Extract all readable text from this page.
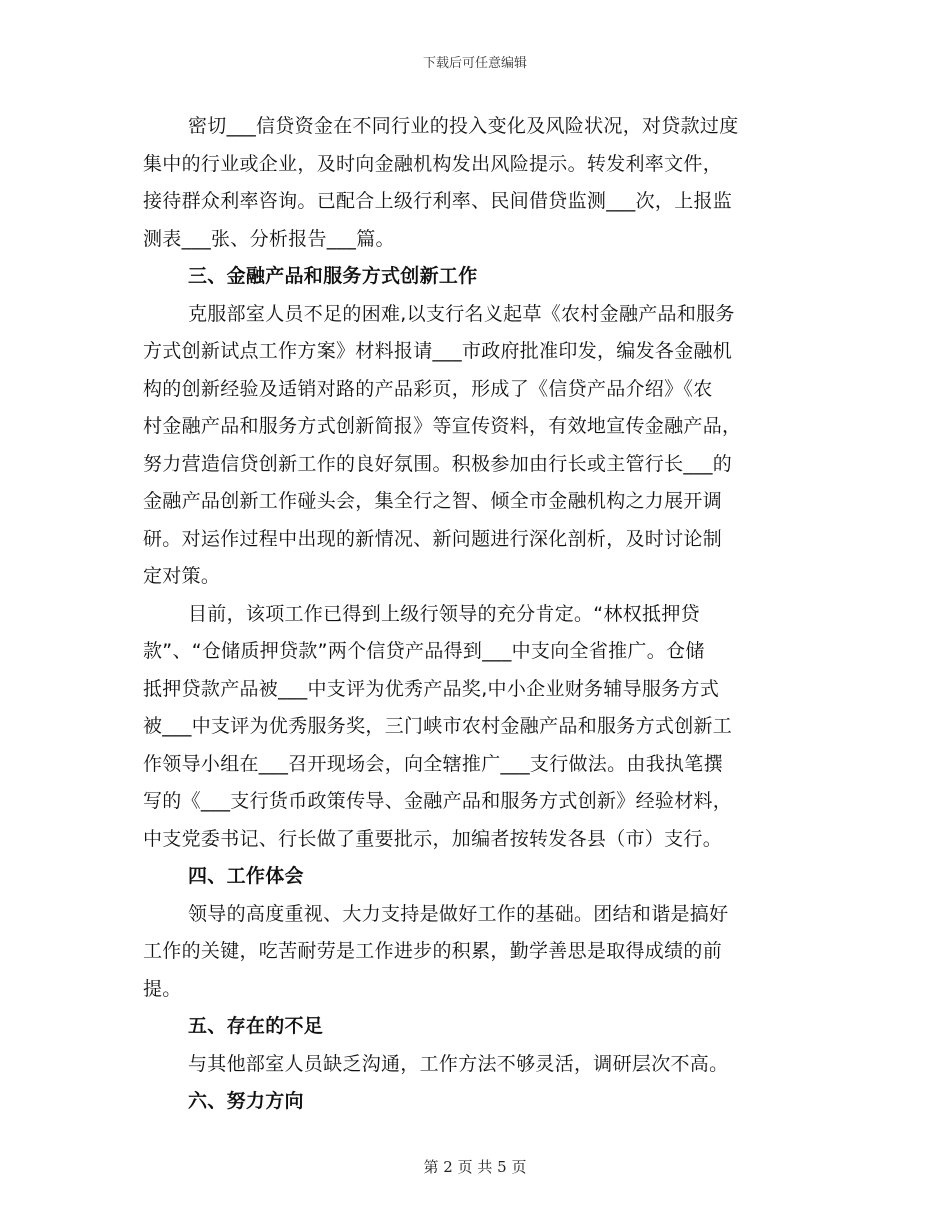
下载后可任意编辑
密切___信贷资金在不同行业的投入变化及风险状况，对贷款过度
集中的行业或企业，及时向金融机构发出风险提示。转发利率文件，
接待群众利率咨询。已配合上级行利率、民间借贷监测___次，上报监
测表___张、分析报告___篇。
三、金融产品和服务方式创新工作
克服部室人员不足的困难,以支行名义起草《农村金融产品和服务
方式创新试点工作方案》材料报请___市政府批准印发，编发各金融机
构的创新经验及适销对路的产品彩页，形成了《信贷产品介绍》《农
村金融产品和服务方式创新简报》等宣传资料，有效地宣传金融产品，
努力营造信贷创新工作的良好氛围。积极参加由行长或主管行长___的
金融产品创新工作碰头会，集全行之智、倾全市金融机构之力展开调
研。对运作过程中出现的新情况、新问题进行深化剖析，及时讨论制
定对策。
目前，该项工作已得到上级行领导的充分肯定。“林权抵押贷
款”、“仓储质押贷款”两个信贷产品得到___中支向全省推广。仓储
抵押贷款产品被___中支评为优秀产品奖,中小企业财务辅导服务方式
被___中支评为优秀服务奖，三门峡市农村金融产品和服务方式创新工
作领导小组在___召开现场会，向全辖推广___支行做法。由我执笔撰
写的《___支行货币政策传导、金融产品和服务方式创新》经验材料，
中支党委书记、行长做了重要批示，加编者按转发各县（市）支行。
四、工作体会
领导的高度重视、大力支持是做好工作的基础。团结和谐是搞好
工作的关键，吃苦耐劳是工作进步的积累，勤学善思是取得成绩的前
提。
五、存在的不足
与其他部室人员缺乏沟通，工作方法不够灵活，调研层次不高。
六、努力方向
第 2 页 共 5 页
